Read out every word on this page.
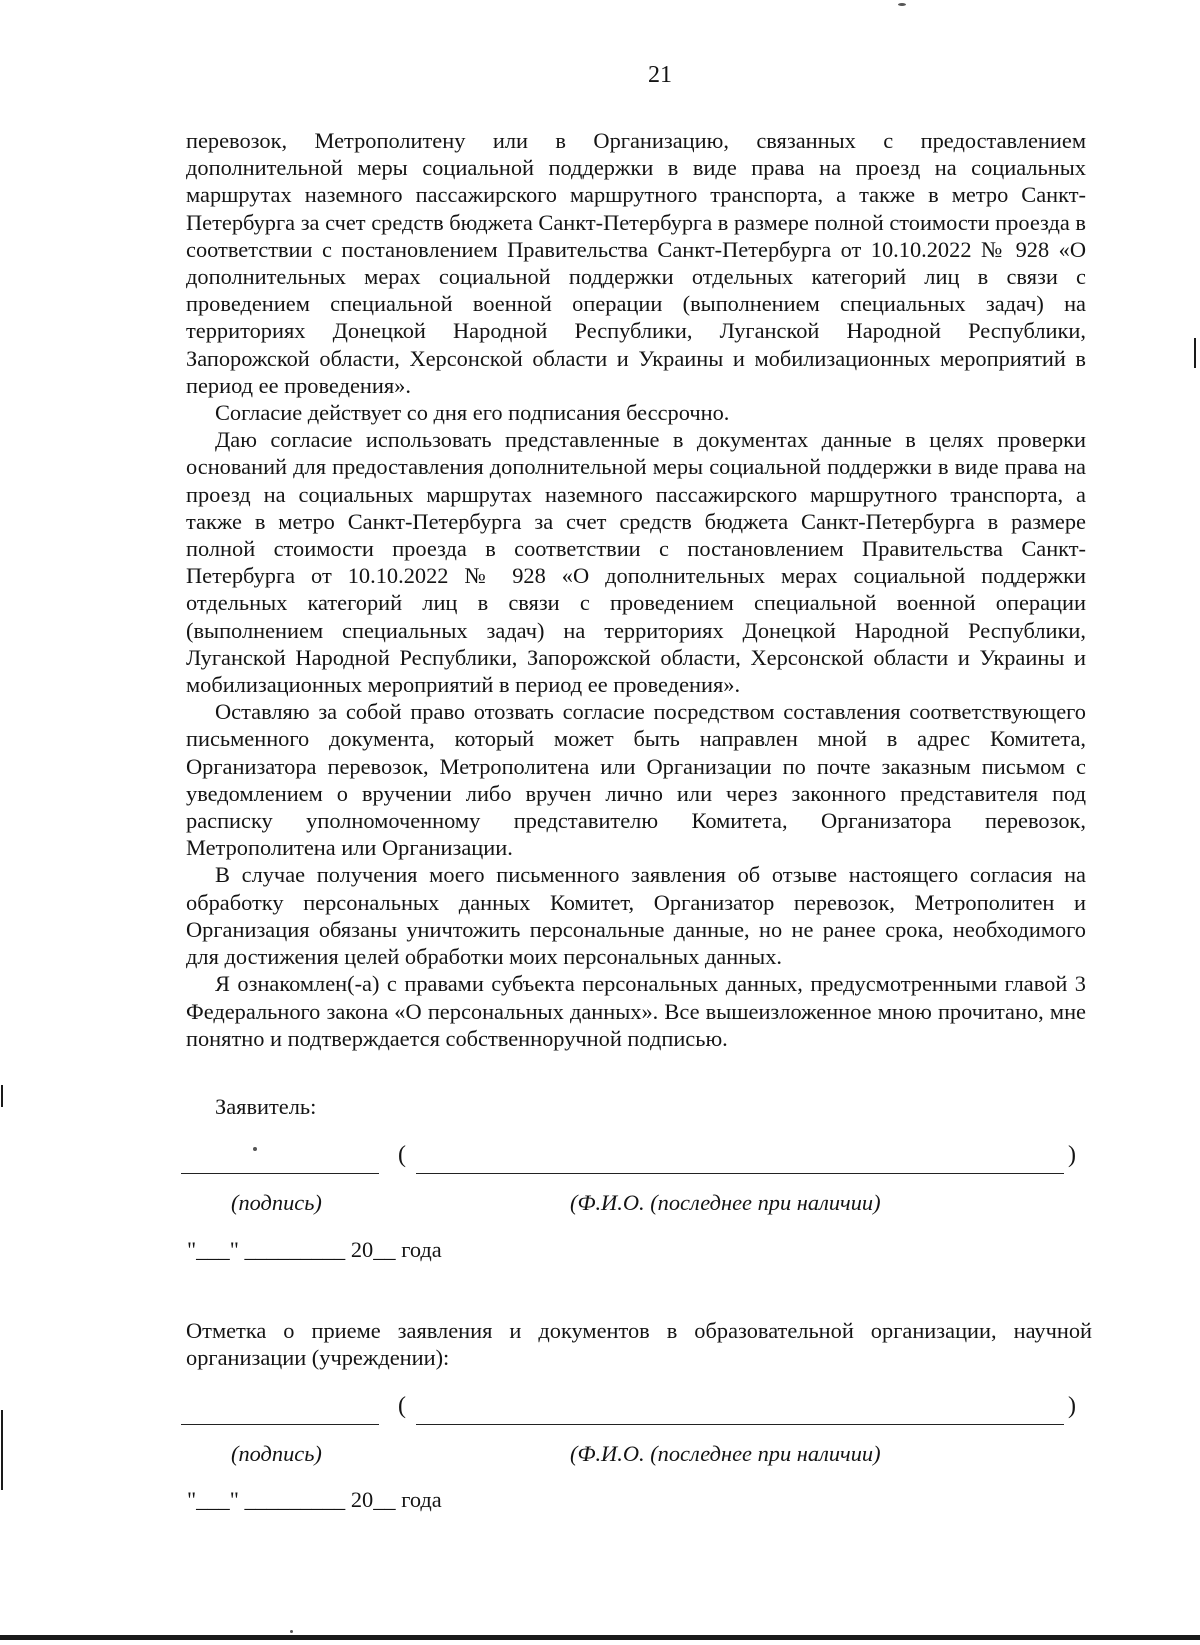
21

перевозок, Метрополитену или в Организацию, связанных с предоставлением дополнительной меры социальной поддержки в виде права на проезд на социальных маршрутах наземного пассажирского маршрутного транспорта, а также в метро Санкт-Петербурга за счет средств бюджета Санкт-Петербурга в размере полной стоимости проезда в соответствии с постановлением Правительства Санкт-Петербурга от 10.10.2022 № 928 «О дополнительных мерах социальной поддержки отдельных категорий лиц в связи с проведением специальной военной операции (выполнением специальных задач) на территориях Донецкой Народной Республики, Луганской Народной Республики, Запорожской области, Херсонской области и Украины и мобилизационных мероприятий в период ее проведения».

Согласие действует со дня его подписания бессрочно.

Даю согласие использовать представленные в документах данные в целях проверки оснований для предоставления дополнительной меры социальной поддержки в виде права на проезд на социальных маршрутах наземного пассажирского маршрутного транспорта, а также в метро Санкт-Петербурга за счет средств бюджета Санкт-Петербурга в размере полной стоимости проезда в соответствии с постановлением Правительства Санкт-Петербурга от 10.10.2022 № 928 «О дополнительных мерах социальной поддержки отдельных категорий лиц в связи с проведением специальной военной операции (выполнением специальных задач) на территориях Донецкой Народной Республики, Луганской Народной Республики, Запорожской области, Херсонской области и Украины и мобилизационных мероприятий в период ее проведения».

Оставляю за собой право отозвать согласие посредством составления соответствующего письменного документа, который может быть направлен мной в адрес Комитета, Организатора перевозок, Метрополитена или Организации по почте заказным письмом с уведомлением о вручении либо вручен лично или через законного представителя под расписку уполномоченному представителю Комитета, Организатора перевозок, Метрополитена или Организации.

В случае получения моего письменного заявления об отзыве настоящего согласия на обработку персональных данных Комитет, Организатор перевозок, Метрополитен и Организация обязаны уничтожить персональные данные, но не ранее срока, необходимого для достижения целей обработки моих персональных данных.

Я ознакомлен(-а) с правами субъекта персональных данных, предусмотренными главой 3 Федерального закона «О персональных данных». Все вышеизложенное мною прочитано, мне понятно и подтверждается собственноручной подписью.

Заявитель:
(	)
(подпись)	(Ф.И.О. (последнее при наличии)
"___" _________ 20__ года

Отметка о приеме заявления и документов в образовательной организации, научной организации (учреждении):

(	)
(подпись)	(Ф.И.О. (последнее при наличии)
"___" _________ 20__ года
